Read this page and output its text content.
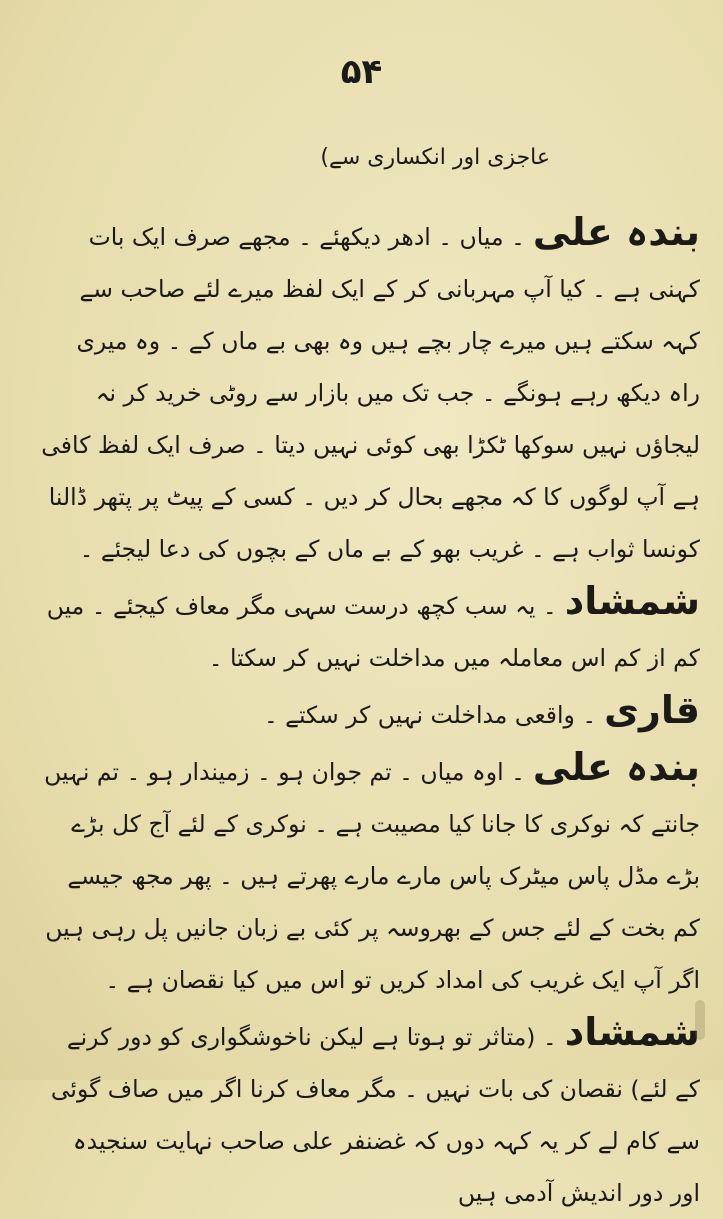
۵۴

عاجزی اور انکساری سے)

بندہ علی۔ میاں ۔ ادھر دیکھئے ۔ مجھے صرف ایک بات کہنی ہے ۔ کیا آپ مہربانی کر کے ایک لفظ میرے لئے صاحب سے کہہ سکتے ہیں میرے چار بچے ہیں وہ بھی بے ماں کے ۔ وہ میری راہ دیکھ رہے ہونگے ۔ جب تک میں بازار سے روٹی خرید کر نہ لیجاؤں نہیں سوکھا ٹکڑا بھی کوئی نہیں دیتا ۔ صرف ایک لفظ کافی ہے آپ لوگوں کا کہ مجھے بحال کر دیں ۔ کسی کے پیٹ پر پتھر ڈالنا کونسا ثواب ہے ۔ غریب بھو کے بے ماں کے بچوں کی دعا لیجئے ۔

شمشاد۔ یہ سب کچھ درست سہی مگر معاف کیجئے ۔ میں کم از کم اس معاملہ میں مداخلت نہیں کر سکتا ۔

قاری۔ واقعی مداخلت نہیں کر سکتے ۔

بندہ علی۔ اوہ میاں ۔ تم جوان ہو ۔ زمیندار ہو ۔ تم نہیں جانتے کہ نوکری کا جانا کیا مصیبت ہے ۔ نوکری کے لئے آج کل بڑے بڑے مڈل پاس میٹرک پاس مارے مارے پھرتے ہیں ۔ پھر مجھ جیسے کم بخت کے لئے جس کے بھروسہ پر کئی بے زبان جانیں پل رہی ہیں اگر آپ ایک غریب کی امداد کریں تو اس میں کیا نقصان ہے ۔

شمشاد۔ (متاثر تو ہوتا ہے لیکن ناخوشگواری کو دور کرنے کے لئے) نقصان کی بات نہیں ۔ مگر معاف کرنا اگر میں صاف گوئی سے کام لے کر یہ کہہ دوں کہ غضنفر علی صاحب نہایت سنجیدہ اور دور اندیش آدمی ہیں
